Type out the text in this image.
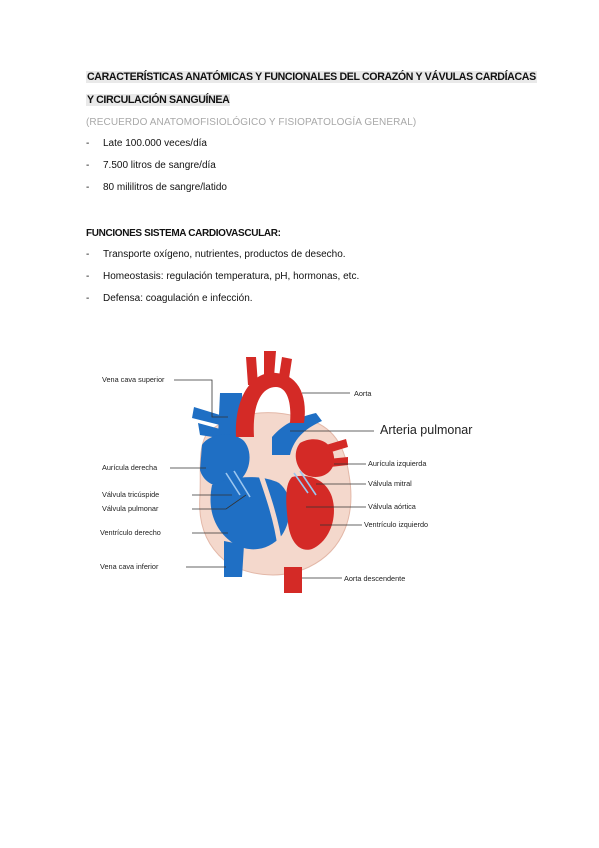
CARACTERÍSTICAS ANATÓMICAS Y FUNCIONALES DEL CORAZÓN Y VÁVULAS CARDÍACAS
Y CIRCULACIÓN SANGUÍNEA
(RECUERDO ANATOMOFISIOLÓGICO Y FISIOPATOLOGÍA GENERAL)
- Late 100.000 veces/día
- 7.500 litros de sangre/día
- 80 mililitros de sangre/latido
FUNCIONES SISTEMA CARDIOVASCULAR:
- Transporte oxígeno, nutrientes, productos de desecho.
- Homeostasis: regulación temperatura, pH, hormonas, etc.
- Defensa: coagulación e infección.
Vena cava superior
Aurícula derecha
Válvula tricúspide
Válvula pulmonar
Ventrículo derecho
Vena cava inferior
Aorta
Arteria pulmonar
Aurícula izquierda
Válvula mitral
Válvula aórtica
Ventrículo izquierdo
Aorta descendente
